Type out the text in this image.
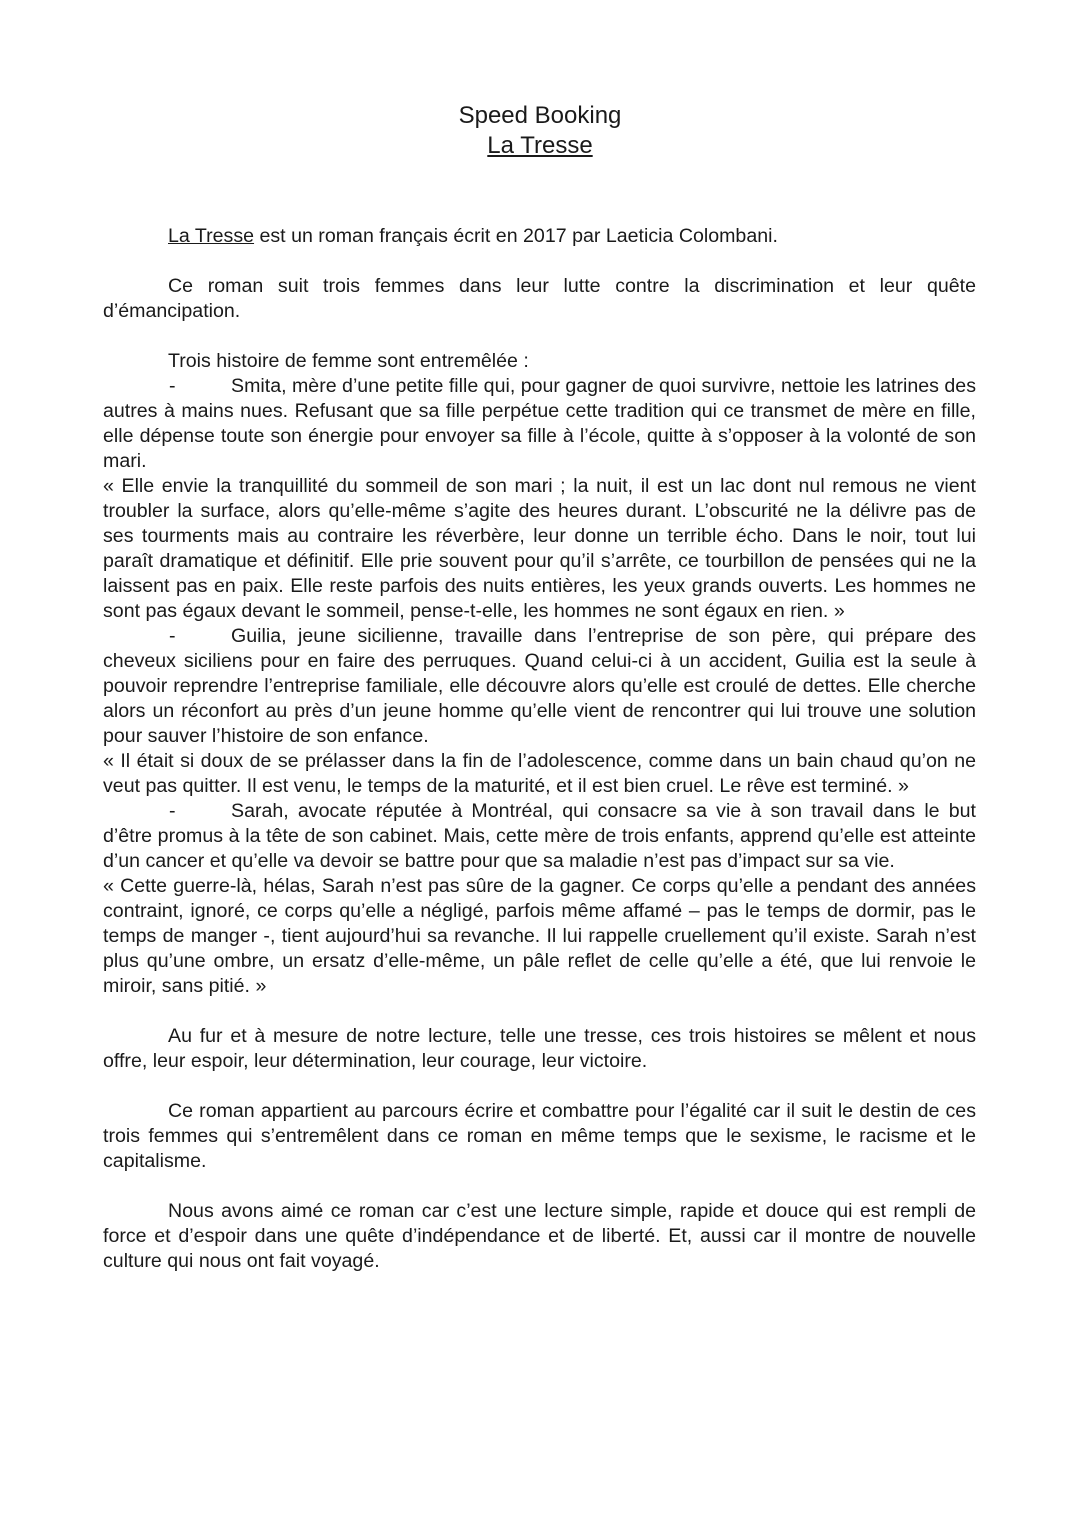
Speed Booking
La Tresse

La Tresse est un roman français écrit en 2017 par Laeticia Colombani.

Ce roman suit trois femmes dans leur lutte contre la discrimination et leur quête d’émancipation.

Trois histoire de femme sont entremêlée :

-	Smita, mère d’une petite fille qui, pour gagner de quoi survivre, nettoie les latrines des autres à mains nues. Refusant que sa fille perpétue cette tradition qui ce transmet de mère en fille, elle dépense toute son énergie pour envoyer sa fille à l’école, quitte à s’opposer à la volonté de son mari.

« Elle envie la tranquillité du sommeil de son mari ; la nuit, il est un lac dont nul remous ne vient troubler la surface, alors qu’elle-même s’agite des heures durant. L’obscurité ne la délivre pas de ses tourments mais au contraire les réverbère, leur donne un terrible écho. Dans le noir, tout lui paraît dramatique et définitif. Elle prie souvent pour qu’il s’arrête, ce tourbillon de pensées qui ne la laissent pas en paix. Elle reste parfois des nuits entières, les yeux grands ouverts. Les hommes ne sont pas égaux devant le sommeil, pense-t-elle, les hommes ne sont égaux en rien. »

-	Guilia, jeune sicilienne, travaille dans l’entreprise de son père, qui prépare des cheveux siciliens pour en faire des perruques. Quand celui-ci à un accident, Guilia est la seule à pouvoir reprendre l’entreprise familiale, elle découvre alors qu’elle est croulé de dettes. Elle cherche alors un réconfort au près d’un jeune homme qu’elle vient de rencontrer qui lui trouve une solution pour sauver l’histoire de son enfance.

« Il était si doux de se prélasser dans la fin de l’adolescence, comme dans un bain chaud qu’on ne veut pas quitter. Il est venu, le temps de la maturité, et il est bien cruel. Le rêve est terminé. »

-	Sarah, avocate réputée à Montréal, qui consacre sa vie à son travail dans le but d’être promus à la tête de son cabinet. Mais, cette mère de trois enfants, apprend qu’elle est atteinte d’un cancer et qu’elle va devoir se battre pour que sa maladie n’est pas d’impact sur sa vie.

« Cette guerre-là, hélas, Sarah n’est pas sûre de la gagner. Ce corps qu’elle a pendant des années contraint, ignoré, ce corps qu’elle a négligé, parfois même affamé – pas le temps de dormir, pas le temps de manger -, tient aujourd’hui sa revanche. Il lui rappelle cruellement qu’il existe. Sarah n’est plus qu’une ombre, un ersatz d’elle-même, un pâle reflet de celle qu’elle a été, que lui renvoie le miroir, sans pitié. »

Au fur et à mesure de notre lecture, telle une tresse, ces trois histoires se mêlent et nous offre, leur espoir, leur détermination, leur courage, leur victoire.

Ce roman appartient au parcours écrire et combattre pour l’égalité car il suit le destin de ces trois femmes qui s’entremêlent dans ce roman en même temps que le sexisme, le racisme et le capitalisme.

Nous avons aimé ce roman car c’est une lecture simple, rapide et douce qui est rempli de force et d’espoir dans une quête d’indépendance et de liberté. Et, aussi car il montre de nouvelle culture qui nous ont fait voyagé.
